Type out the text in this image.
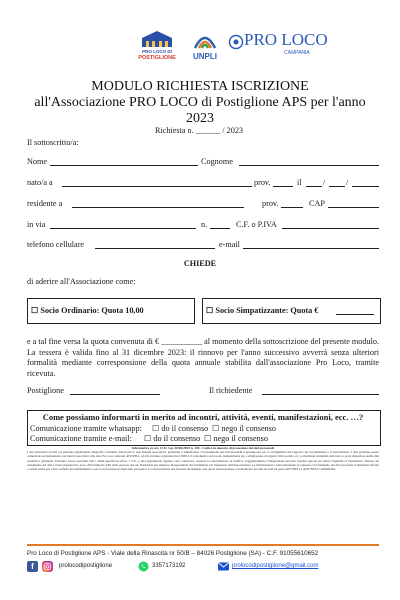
PRO LOCO DI
POSTIGLIONE	UNPLI
PRO LOCO
CAMPANIA
MODULO RICHIESTA ISCRIZIONE
all'Associazione PRO LOCO di Postiglione APS per l'anno
2023
Richiesta n. ______ / 2023
Il sottoscritto/a:
Nome	Cognome
nato/a a	prov.	il	/	/
residente a	prov.	CAP
in via	n.	C.F. o P.IVA
telefono cellulare	e-mail
CHIEDE
di aderire all'Associazione come:
☐ Socio Ordinario: Quota 10,00	☐ Socio Simpatizzante: Quota €
e a tal fine versa la quota convenuta di € __________ al momento della sottoscrizione del presente modulo. La tessera è valida fino al 31 dicembre 2023: il rinnovo per l'anno successivo avverrà senza ulteriori formalità mediante corresponsione della quota annuale stabilita dall'associazione Pro Loco, tramite ricevuta.
Postiglione	Il richiedente
Come possiamo informarti in merito ad incontri, attività, eventi, manifestazioni, ecc. …?
Comunicazione tramite whatsapp: ☐ do il consenso ☐ nego il consenso
Comunicazione tramite e-mail: ☐ do il consenso ☐ nego il consenso
Informativa ex art. 13 D. Lgs 30/06/2003 n. 196 - Codice in materia di protezione dei dati personali.
I dati personali raccolti col presente questionario anagrafico verranno trattati per le sole finalità associative, gestionali e istituzionali. L'acquisizione dei dati personali è presupposto per lo svolgimento dei rapporti con l'acquisizione e il tesseramento. I dati potranno essere comunicati esclusivamente per motivi associativi alle altre Pro Loco aderenti all'UNPLI, ed alle strutture organizzative UNPLI. Il trattamento sarà svolto manualmente (es. compilazione di registri, libri sociali, ecc.) e mediante strumenti elettronici e potrà riguardare anche dati sensibili e giudiziari. Potranno essere esercitati tutti i diritti specificati all'art. 7 T.U., e alla legislazione vigente, cioè: conoscere, ottenere la cancellazione, la rettifica, l'aggiornamento, l'integrazione dei dati, nonché opporsi per motivi legittimi al trattamento. Titolare del trattamento dei dati è l'Associazione Pro Loco di Postiglione APS nella persona del suo Presidente pro tempore. Responsabile del trattamento è il Segretario dell'Associazione. Le informazioni e l'autorizzazione al consenso al trattamento dei dati personali si intendono riferite e valide anche per i dati conferiti precedentemente e per le sottoscrizioni degli anni successivi. La sottoscrizione del presente documento vale quale autorizzazione al trattamento dei dati raccolti da parte dell'UNPLI e dell'UNPLI CAMPANIA.
Pro Loco di Postiglione APS - Viale della Rinascita nr 50/B – 84026 Postiglione (SA) - C.F. 91055610652
f	prolocodipostiglione	3357173192	prolocodipostiglione@gmail.com
